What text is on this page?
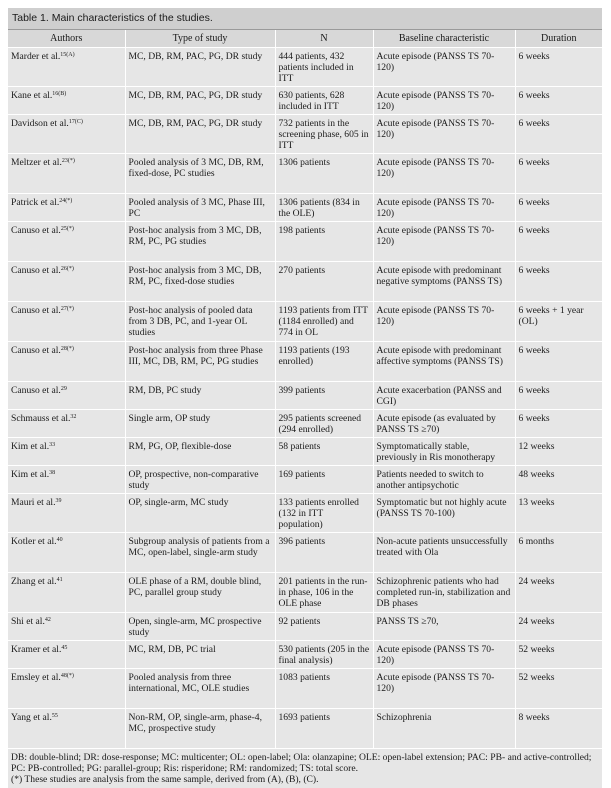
Table 1. Main characteristics of the studies.
Authors	Type of study	N	Baseline characteristic	Duration
Marder et al.$^{15(A)}$	MC, DB, RM, PAC, PG, DR study	444 patients, 432 patients included in ITT	Acute episode (PANSS TS 70-120)	6 weeks
Kane et al.$^{16(B)}$	MC, DB, RM, PAC, PG, DR study	630 patients, 628 included in ITT	Acute episode (PANSS TS 70-120)	6 weeks
Davidson et al.$^{17(C)}$	MC, DB, RM, PAC, PG, DR study	732 patients in the screening phase, 605 in ITT	Acute episode (PANSS TS 70-120)	6 weeks
Meltzer et al.$^{23(*)}$	Pooled analysis of 3 MC, DB, RM, fixed-dose, PC studies	1306 patients	Acute episode (PANSS TS 70-120)	6 weeks
Patrick et al.$^{24(*)}$	Pooled analysis of 3 MC, Phase III, PC	1306 patients (834 in the OLE)	Acute episode (PANSS TS 70-120)	6 weeks
Canuso et al.$^{25(*)}$	Post-hoc analysis from 3 MC, DB, RM, PC, PG studies	198 patients	Acute episode (PANSS TS 70-120)	6 weeks
Canuso et al.$^{26(*)}$	Post-hoc analysis from 3 MC, DB, RM, PC, fixed-dose studies	270 patients	Acute episode with predominant negative symptoms (PANSS TS)	6 weeks
Canuso et al.$^{27(*)}$	Post-hoc analysis of pooled data from 3 DB, PC, and 1-year OL studies	1193 patients from ITT (1184 enrolled) and 774 in OL	Acute episode (PANSS TS 70-120)	6 weeks + 1 year (OL)
Canuso et al.$^{28(*)}$	Post-hoc analysis from three Phase III, MC, DB, RM, PC, PG studies	1193 patients (193 enrolled)	Acute episode with predominant affective symptoms (PANSS TS)	6 weeks
Canuso et al.$^{29}$	RM, DB, PC study	399 patients	Acute exacerbation (PANSS and CGI)	6 weeks
Schmauss et al.$^{32}$	Single arm, OP study	295 patients screened (294 enrolled)	Acute episode (as evaluated by PANSS TS ≥70)	6 weeks
Kim et al.$^{33}$	RM, PG, OP, flexible-dose	58 patients	Symptomatically stable, previously in Ris monotherapy	12 weeks
Kim et al.$^{38}$	OP, prospective, non-comparative study	169 patients	Patients needed to switch to another antipsychotic	48 weeks
Mauri et al.$^{39}$	OP, single-arm, MC study	133 patients enrolled (132 in ITT population)	Symptomatic but not highly acute (PANSS TS 70-100)	13 weeks
Kotler et al.$^{40}$	Subgroup analysis of patients from a MC, open-label, single-arm study	396 patients	Non-acute patients unsuccessfully treated with Ola	6 months
Zhang et al.$^{41}$	OLE phase of a RM, double blind, PC, parallel group study	201 patients in the run-in phase, 106 in the OLE phase	Schizophrenic patients who had completed run-in, stabilization and DB phases	24 weeks
Shi et al.$^{42}$	Open, single-arm, MC prospective study	92 patients	PANSS TS ≥70,	24 weeks
Kramer et al.$^{45}$	MC, RM, DB, PC trial	530 patients (205 in the final analysis)	Acute episode (PANSS TS 70-120)	52 weeks
Emsley et al.$^{48(*)}$	Pooled analysis from three international, MC, OLE studies	1083 patients	Acute episode (PANSS TS 70-120)	52 weeks
Yang et al.$^{55}$	Non-RM, OP, single-arm, phase-4, MC, prospective study	1693 patients	Schizophrenia	8 weeks
DB: double-blind; DR: dose-response; MC: multicenter; OL: open-label; Ola: olanzapine; OLE: open-label extension; PAC: PB- and active-controlled; PC: PB-controlled; PG: parallel-group; Ris: risperidone; RM: randomized; TS: total score.
(*) These studies are analysis from the same sample, derived from (A), (B), (C).
